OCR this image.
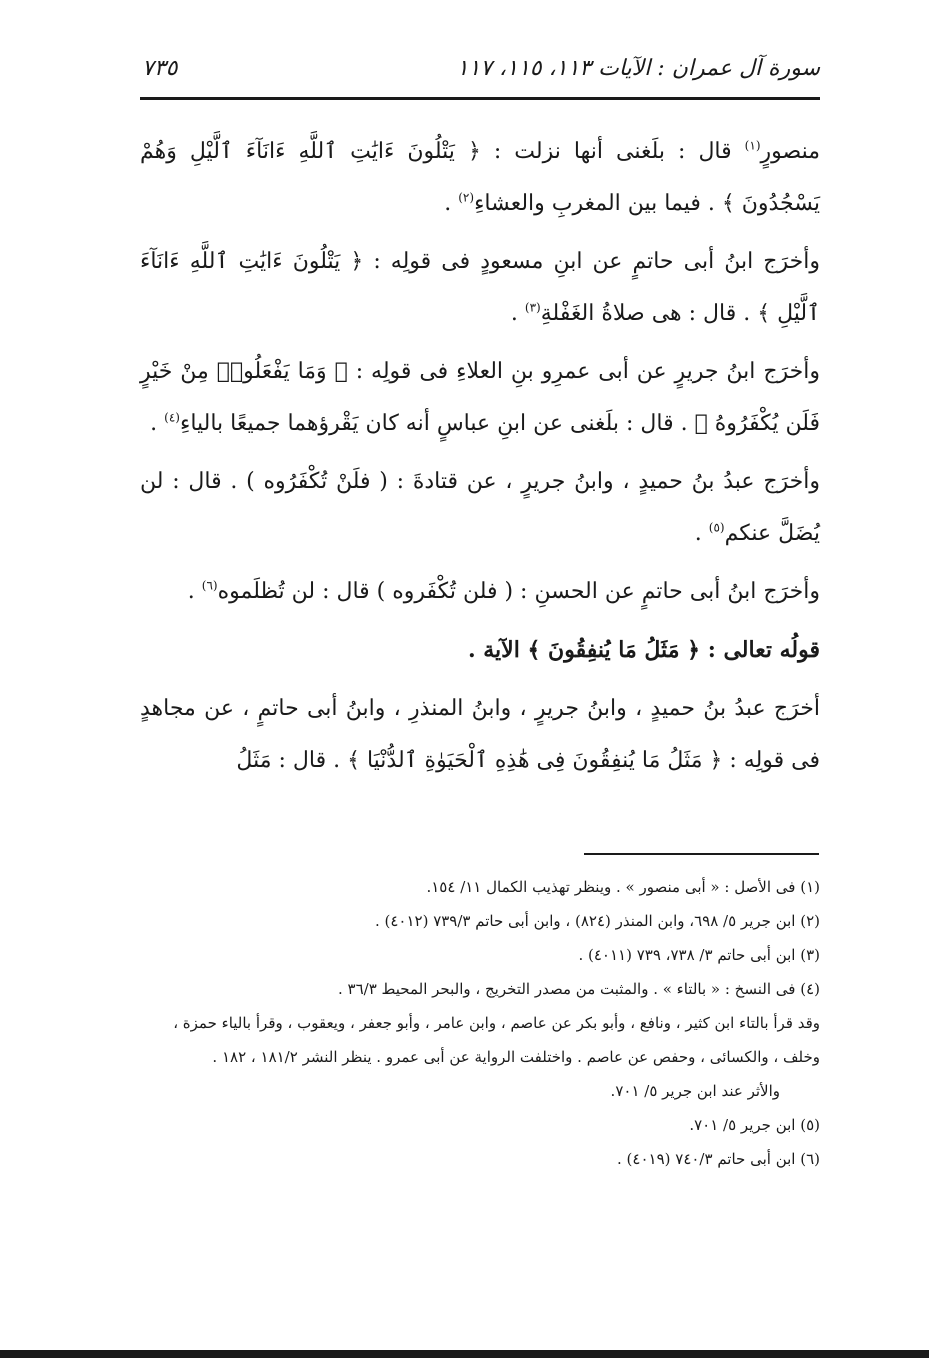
سورة آل عمران : الآيات ١١٣، ١١٥، ١١٧
٧٣٥

منصورٍ$^{(١)}$ قال : بلَغنى أنها نزلت : ﴿ يَتْلُونَ ءَايَٰتِ ٱللَّهِ ءَانَآءَ ٱلَّيْلِ وَهُمْ يَسْجُدُونَ ﴾ . فيما بين المغربِ والعشاءِ$^{(٢)}$ .

وأخرَج ابنُ أبى حاتمٍ عن ابنِ مسعودٍ فى قولِه : ﴿ يَتْلُونَ ءَايَٰتِ ٱللَّهِ ءَانَآءَ ٱلَّيْلِ ﴾ . قال : هى صلاةُ الغَفْلةِ$^{(٣)}$ .

وأخرَج ابنُ جريرٍ عن أبى عمرِو بنِ العلاءِ فى قولِه : ﴿ وَمَا يَفْعَلُوا۟ مِنْ خَيْرٍ فَلَن يُكْفَرُوهُ ﴾ . قال : بلَغنى عن ابنِ عباسٍ أنه كان يَقْرؤهما جميعًا بالياءِ$^{(٤)}$ .

وأخرَج عبدُ بنُ حميدٍ ، وابنُ جريرٍ ، عن قتادةَ : ( فلَنْ تُكْفَرُوه ) . قال : لن يُضَلَّ عنكم$^{(٥)}$ .

وأخرَج ابنُ أبى حاتمٍ عن الحسنِ : ( فلن تُكْفَروه ) قال : لن تُظلَموه$^{(٦)}$ .

قولُه تعالى : ﴿ مَثَلُ مَا يُنفِقُونَ ﴾ الآية .

أخرَج عبدُ بنُ حميدٍ ، وابنُ جريرٍ ، وابنُ المنذرِ ، وابنُ أبى حاتمٍ ، عن مجاهدٍ فى قولِه : ﴿ مَثَلُ مَا يُنفِقُونَ فِى هَٰذِهِ ٱلْحَيَوٰةِ ٱلدُّنْيَا ﴾ . قال : مَثَلُ

(١) فى الأصل : « أبى منصور » . وينظر تهذيب الكمال ١١/ ١٥٤.

(٢) ابن جرير ٥/ ٦٩٨، وابن المنذر (٨٢٤) ، وابن أبى حاتم ٧٣٩/٣ (٤٠١٢) .

(٣) ابن أبى حاتم ٣/ ٧٣٨، ٧٣٩ (٤٠١١) .

(٤) فى النسخ : « بالتاء » . والمثبت من مصدر التخريج ، والبحر المحيط ٣٦/٣ .

وقد قرأ بالتاء ابن كثير ، ونافع ، وأبو بكر عن عاصم ، وابن عامر ، وأبو جعفر ، ويعقوب ، وقرأ بالياء حمزة ،

وخلف ، والكسائى ، وحفص عن عاصم . واختلفت الرواية عن أبى عمرو . ينظر النشر ١٨١/٢ ، ١٨٢ .

والأثر عند ابن جرير ٥/ ٧٠١.

(٥) ابن جرير ٥/ ٧٠١.

(٦) ابن أبى حاتم ٧٤٠/٣ (٤٠١٩) .
